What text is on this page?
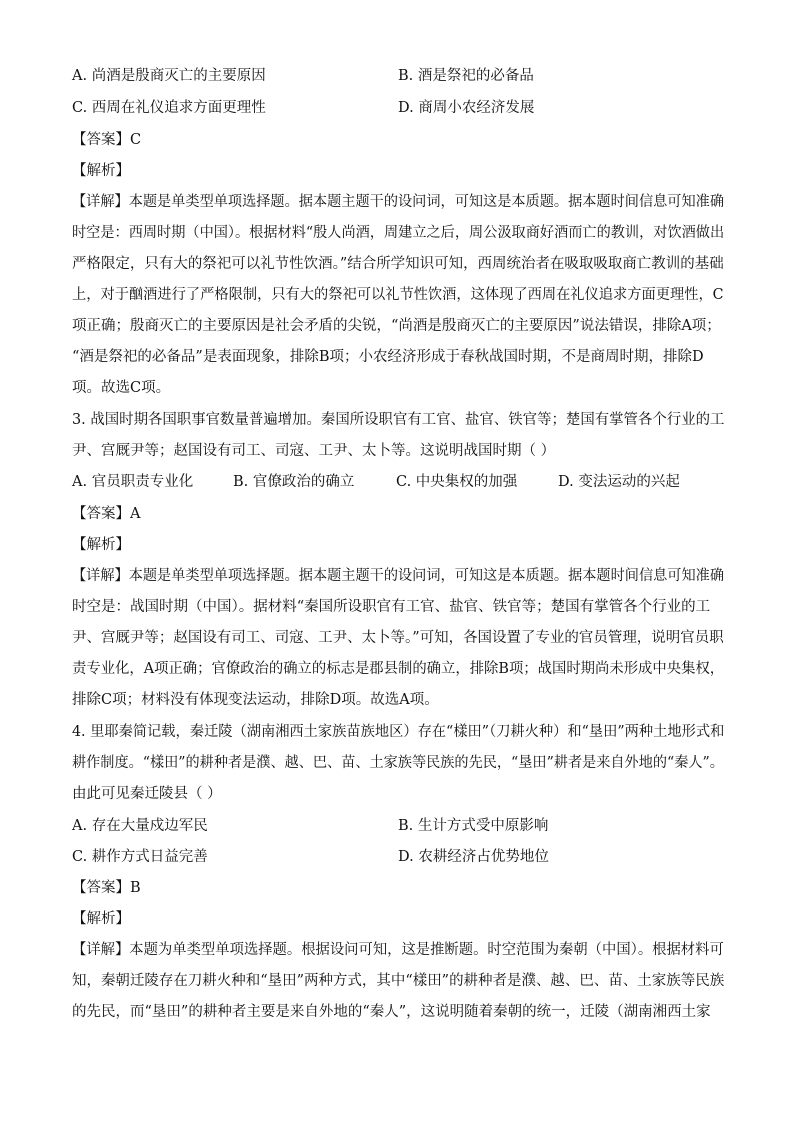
A. 尚酒是殷商灭亡的主要原因	B. 酒是祭祀的必备品
C. 西周在礼仪追求方面更理性	D. 商周小农经济发展
【答案】C
【解析】
【详解】本题是单类型单项选择题。据本题主题干的设问词，可知这是本质题。据本题时间信息可知准确
时空是：西周时期（中国）。根据材料“殷人尚酒，周建立之后，周公汲取商好酒而亡的教训，对饮酒做出
严格限定，只有大的祭祀可以礼节性饮酒。”结合所学知识可知，西周统治者在吸取吸取商亡教训的基础
上，对于酗酒进行了严格限制，只有大的祭祀可以礼节性饮酒，这体现了西周在礼仪追求方面更理性，C
项正确；殷商灭亡的主要原因是社会矛盾的尖锐，“尚酒是殷商灭亡的主要原因”说法错误，排除A项；
“酒是祭祀的必备品”是表面现象，排除B项；小农经济形成于春秋战国时期，不是商周时期，排除D
项。故选C项。
3. 战国时期各国职事官数量普遍增加。秦国所设职官有工官、盐官、铁官等；楚国有掌管各个行业的工
尹、宫厩尹等；赵国设有司工、司寇、工尹、太卜等。这说明战国时期（ ）
A. 官员职责专业化	B. 官僚政治的确立	C. 中央集权的加强	D. 变法运动的兴起
【答案】A
【解析】
【详解】本题是单类型单项选择题。据本题主题干的设问词，可知这是本质题。据本题时间信息可知准确
时空是：战国时期（中国）。据材料“秦国所设职官有工官、盐官、铁官等；楚国有掌管各个行业的工
尹、宫厩尹等；赵国设有司工、司寇、工尹、太卜等。”可知，各国设置了专业的官员管理，说明官员职
责专业化，A项正确；官僚政治的确立的标志是郡县制的确立，排除B项；战国时期尚未形成中央集权，
排除C项；材料没有体现变法运动，排除D项。故选A项。
4. 里耶秦简记载，秦迁陵（湖南湘西土家族苗族地区）存在“樣田”（刀耕火种）和“垦田”两种土地形式和
耕作制度。“樣田”的耕种者是濮、越、巴、苗、土家族等民族的先民，“垦田”耕者是来自外地的“秦人”。
由此可见秦迁陵县（ ）
A. 存在大量戍边军民	B. 生计方式受中原影响
C. 耕作方式日益完善	D. 农耕经济占优势地位
【答案】B
【解析】
【详解】本题为单类型单项选择题。根据设问可知，这是推断题。时空范围为秦朝（中国）。根据材料可
知，秦朝迁陵存在刀耕火种和“垦田”两种方式，其中“樣田”的耕种者是濮、越、巴、苗、土家族等民族
的先民，而“垦田”的耕种者主要是来自外地的“秦人”，这说明随着秦朝的统一，迁陵（湖南湘西土家
